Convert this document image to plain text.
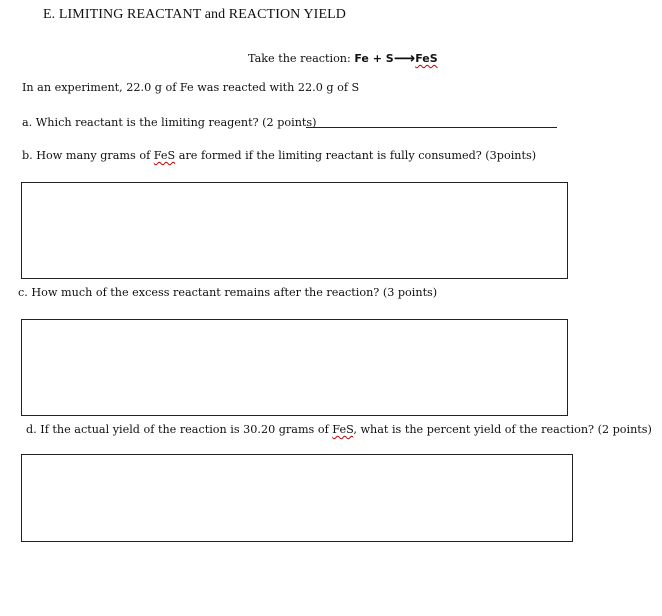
E. LIMITING REACTANT and REACTION YIELD
Take the reaction: Fe + S⟶FeS
In an experiment, 22.0 g of Fe was reacted with 22.0 g of S
a. Which reactant is the limiting reagent? (2 points)
b. How many grams of FeS are formed if the limiting reactant is fully consumed? (3points)
c. How much of the excess reactant remains after the reaction? (3 points)
d. If the actual yield of the reaction is 30.20 grams of FeS, what is the percent yield of the reaction? (2 points)
